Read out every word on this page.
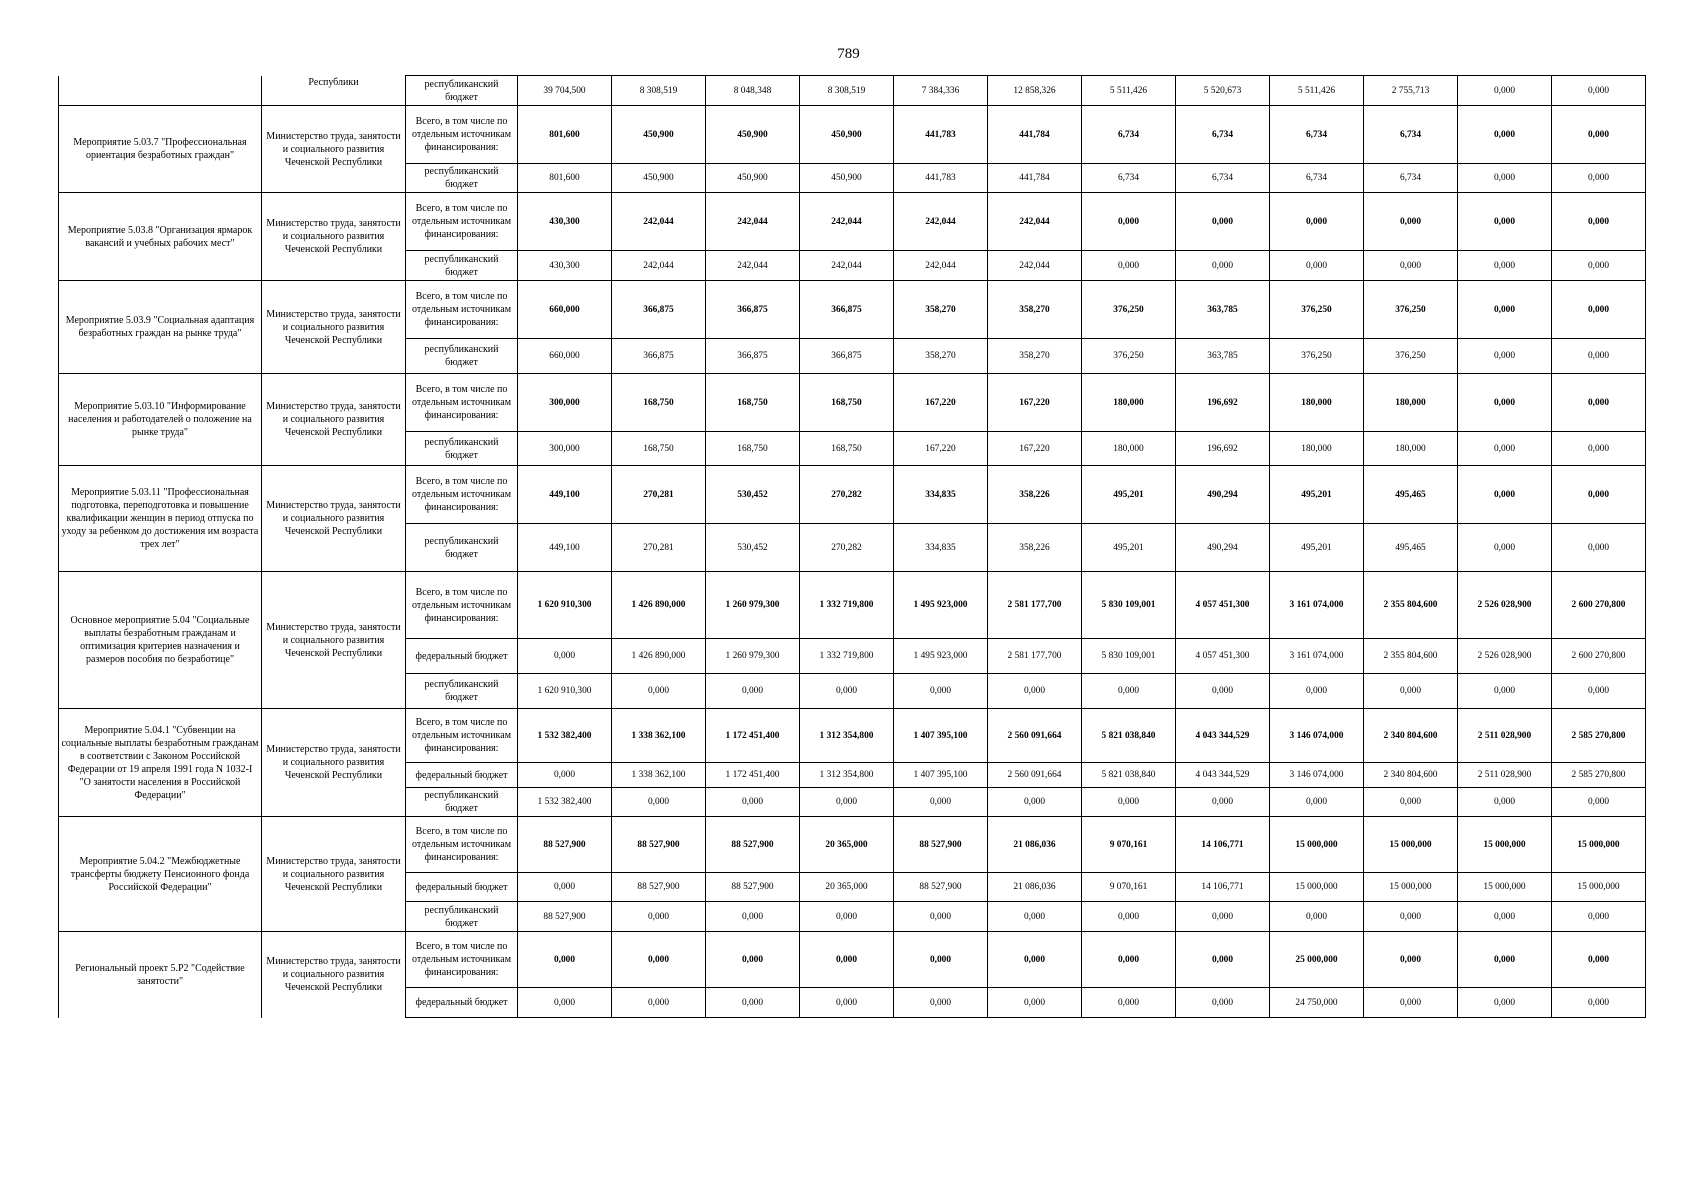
789
	Республики	республиканский бюджет	39 704,500	8 308,519	8 048,348	8 308,519	7 384,336	12 858,326	5 511,426	5 520,673	5 511,426	2 755,713	0,000	0,000
Мероприятие 5.03.7 "Профессиональная ориентация безработных граждан"	Министерство труда, занятости и социального развития Чеченской Республики	Всего, в том числе по отдельным источникам финансирования:	801,600	450,900	450,900	450,900	441,783	441,784	6,734	6,734	6,734	6,734	0,000	0,000
		республиканский бюджет	801,600	450,900	450,900	450,900	441,783	441,784	6,734	6,734	6,734	6,734	0,000	0,000
Мероприятие 5.03.8 "Организация ярмарок вакансий и учебных рабочих мест"	Министерство труда, занятости и социального развития Чеченской Республики	Всего, в том числе по отдельным источникам финансирования:	430,300	242,044	242,044	242,044	242,044	242,044	0,000	0,000	0,000	0,000	0,000	0,000
		республиканский бюджет	430,300	242,044	242,044	242,044	242,044	242,044	0,000	0,000	0,000	0,000	0,000	0,000
Мероприятие 5.03.9 "Социальная адаптация безработных граждан на рынке труда"	Министерство труда, занятости и социального развития Чеченской Республики	Всего, в том числе по отдельным источникам финансирования:	660,000	366,875	366,875	366,875	358,270	358,270	376,250	363,785	376,250	376,250	0,000	0,000
		республиканский бюджет	660,000	366,875	366,875	366,875	358,270	358,270	376,250	363,785	376,250	376,250	0,000	0,000
Мероприятие 5.03.10 "Информирование населения и работодателей о положение на рынке труда"	Министерство труда, занятости и социального развития Чеченской Республики	Всего, в том числе по отдельным источникам финансирования:	300,000	168,750	168,750	168,750	167,220	167,220	180,000	196,692	180,000	180,000	0,000	0,000
		республиканский бюджет	300,000	168,750	168,750	168,750	167,220	167,220	180,000	196,692	180,000	180,000	0,000	0,000
Мероприятие 5.03.11 "Профессиональная подготовка, переподготовка и повышение квалификации женщин в период отпуска по уходу за ребенком до достижения им возраста трех лет"	Министерство труда, занятости и социального развития Чеченской Республики	Всего, в том числе по отдельным источникам финансирования:	449,100	270,281	530,452	270,282	334,835	358,226	495,201	490,294	495,201	495,465	0,000	0,000
		республиканский бюджет	449,100	270,281	530,452	270,282	334,835	358,226	495,201	490,294	495,201	495,465	0,000	0,000
Основное мероприятие 5.04 "Социальные выплаты безработным гражданам и оптимизация критериев назначения и размеров пособия по безработице"	Министерство труда, занятости и социального развития Чеченской Республики	Всего, в том числе по отдельным источникам финансирования:	1 620 910,300	1 426 890,000	1 260 979,300	1 332 719,800	1 495 923,000	2 581 177,700	5 830 109,001	4 057 451,300	3 161 074,000	2 355 804,600	2 526 028,900	2 600 270,800
		федеральный бюджет	0,000	1 426 890,000	1 260 979,300	1 332 719,800	1 495 923,000	2 581 177,700	5 830 109,001	4 057 451,300	3 161 074,000	2 355 804,600	2 526 028,900	2 600 270,800
		республиканский бюджет	1 620 910,300	0,000	0,000	0,000	0,000	0,000	0,000	0,000	0,000	0,000	0,000	0,000
Мероприятие 5.04.1 "Субвенции на социальные выплаты безработным гражданам в соответствии с Законом Российской Федерации от 19 апреля 1991 года N 1032-I "О занятости населения в Российской Федерации"	Министерство труда, занятости и социального развития Чеченской Республики	Всего, в том числе по отдельным источникам финансирования:	1 532 382,400	1 338 362,100	1 172 451,400	1 312 354,800	1 407 395,100	2 560 091,664	5 821 038,840	4 043 344,529	3 146 074,000	2 340 804,600	2 511 028,900	2 585 270,800
		федеральный бюджет	0,000	1 338 362,100	1 172 451,400	1 312 354,800	1 407 395,100	2 560 091,664	5 821 038,840	4 043 344,529	3 146 074,000	2 340 804,600	2 511 028,900	2 585 270,800
		республиканский бюджет	1 532 382,400	0,000	0,000	0,000	0,000	0,000	0,000	0,000	0,000	0,000	0,000	0,000
Мероприятие 5.04.2 "Межбюджетные трансферты бюджету Пенсионного фонда Российской Федерации"	Министерство труда, занятости и социального развития Чеченской Республики	Всего, в том числе по отдельным источникам финансирования:	88 527,900	88 527,900	88 527,900	20 365,000	88 527,900	21 086,036	9 070,161	14 106,771	15 000,000	15 000,000	15 000,000	15 000,000
		федеральный бюджет	0,000	88 527,900	88 527,900	20 365,000	88 527,900	21 086,036	9 070,161	14 106,771	15 000,000	15 000,000	15 000,000	15 000,000
		республиканский бюджет	88 527,900	0,000	0,000	0,000	0,000	0,000	0,000	0,000	0,000	0,000	0,000	0,000
Региональный проект 5.Р2 "Содействие занятости"	Министерство труда, занятости и социального развития Чеченской Республики	Всего, в том числе по отдельным источникам финансирования:	0,000	0,000	0,000	0,000	0,000	0,000	0,000	0,000	25 000,000	0,000	0,000	0,000
		федеральный бюджет	0,000	0,000	0,000	0,000	0,000	0,000	0,000	0,000	24 750,000	0,000	0,000	0,000
